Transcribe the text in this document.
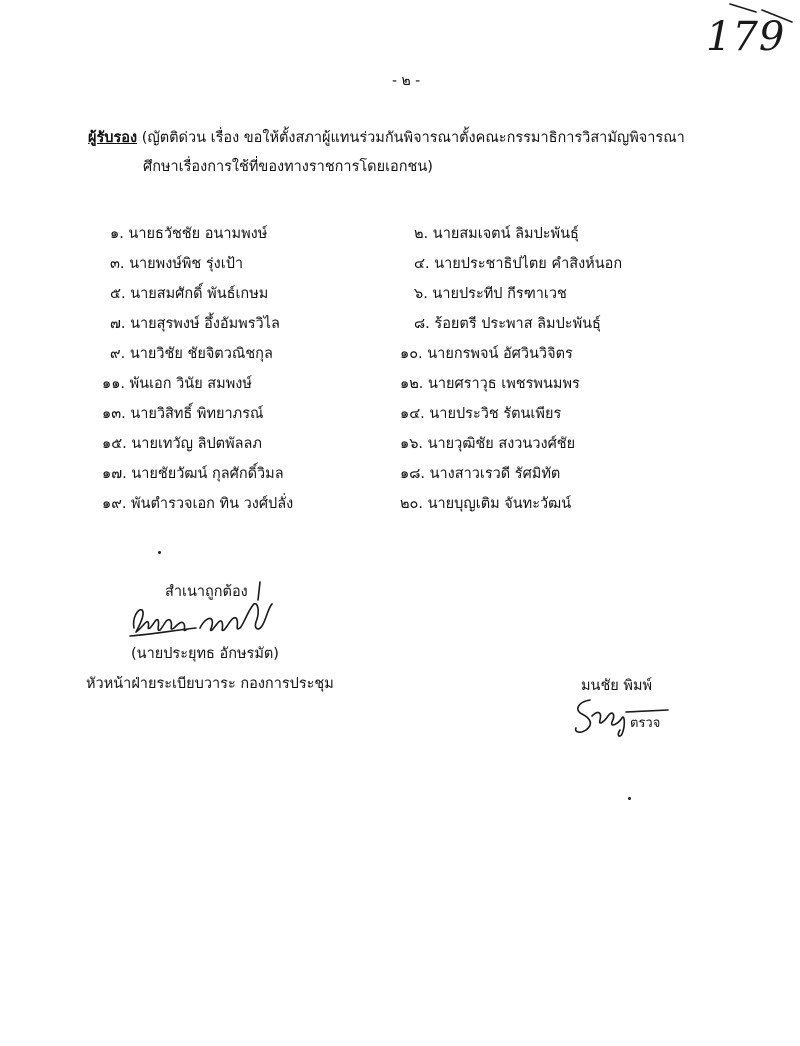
179
- ๒ -
ผู้รับรอง (ญัตติด่วน เรื่อง ขอให้ตั้งสภาผู้แทนร่วมกันพิจารณาตั้งคณะกรรมาธิการวิสามัญพิจารณา
ศึกษาเรื่องการใช้ที่ของทางราชการโดยเอกชน)
๑. นายธวัชชัย อนามพงษ์	๒. นายสมเจตน์ ลิมปะพันธุ์
๓. นายพงษ์พิช รุ่งเป้า	๔. นายประชาธิปไตย คำสิงห์นอก
๕. นายสมศักดิ์ พันธ์เกษม	๖. นายประทีป กีรฑาเวช
๗. นายสุรพงษ์ อึ้งอัมพรวิไล	๘. ร้อยตรี ประพาส ลิมปะพันธุ์
๙. นายวิชัย ชัยจิตวณิชกุล	๑๐. นายกรพจน์ อัศวินวิจิตร
๑๑. พันเอก วินัย สมพงษ์	๑๒. นายศราวุธ เพชรพนมพร
๑๓. นายวิสิทธิ์ พิทยาภรณ์	๑๔. นายประวิช รัตนเพียร
๑๕. นายเทวัญ ลิปตพัลลภ	๑๖. นายวุฒิชัย สงวนวงศ์ชัย
๑๗. นายชัยวัฒน์ กุลศักดิ์วิมล	๑๘. นางสาวเรวดี รัศมิทัต
๑๙. พันตำรวจเอก ทิน วงศ์ปลั่ง	๒๐. นายบุญเติม จันทะวัฒน์
สำเนาถูกต้อง
(นายประยุทธ อักษรมัต)
หัวหน้าฝ่ายระเบียบวาระ กองการประชุม	มนชัย พิมพ์
ตรวจ
